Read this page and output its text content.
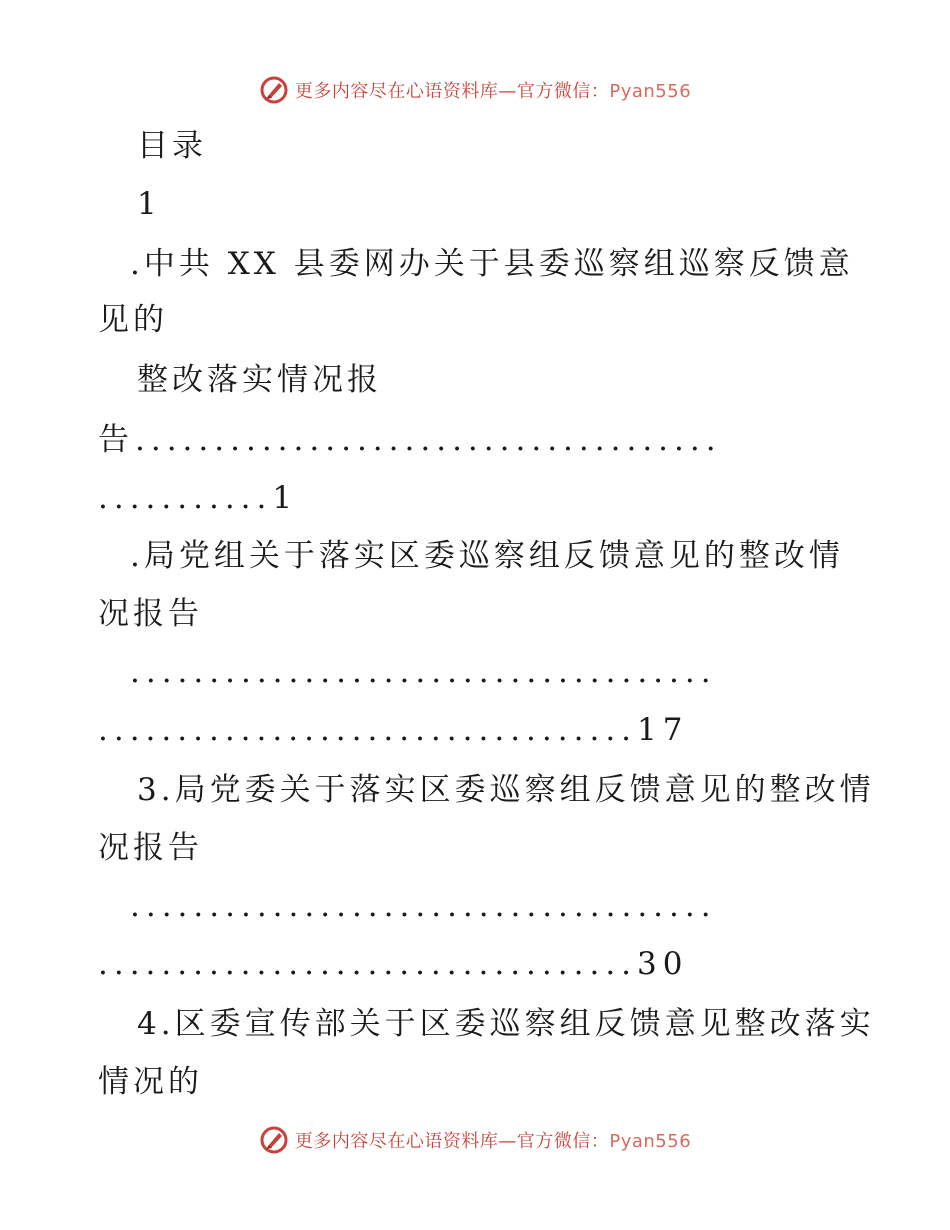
更多内容尽在心语资料库—官方微信：Pyan556
目录
1
.中共 XX 县委网办关于县委巡察组巡察反馈意
见的
整改落实情况报
告.....................................
...........1
.局党组关于落实区委巡察组反馈意见的整改情
况报告
.....................................
..................................17
3.局党委关于落实区委巡察组反馈意见的整改情
况报告
.....................................
..................................30
4.区委宣传部关于区委巡察组反馈意见整改落实
情况的
更多内容尽在心语资料库—官方微信：Pyan556
